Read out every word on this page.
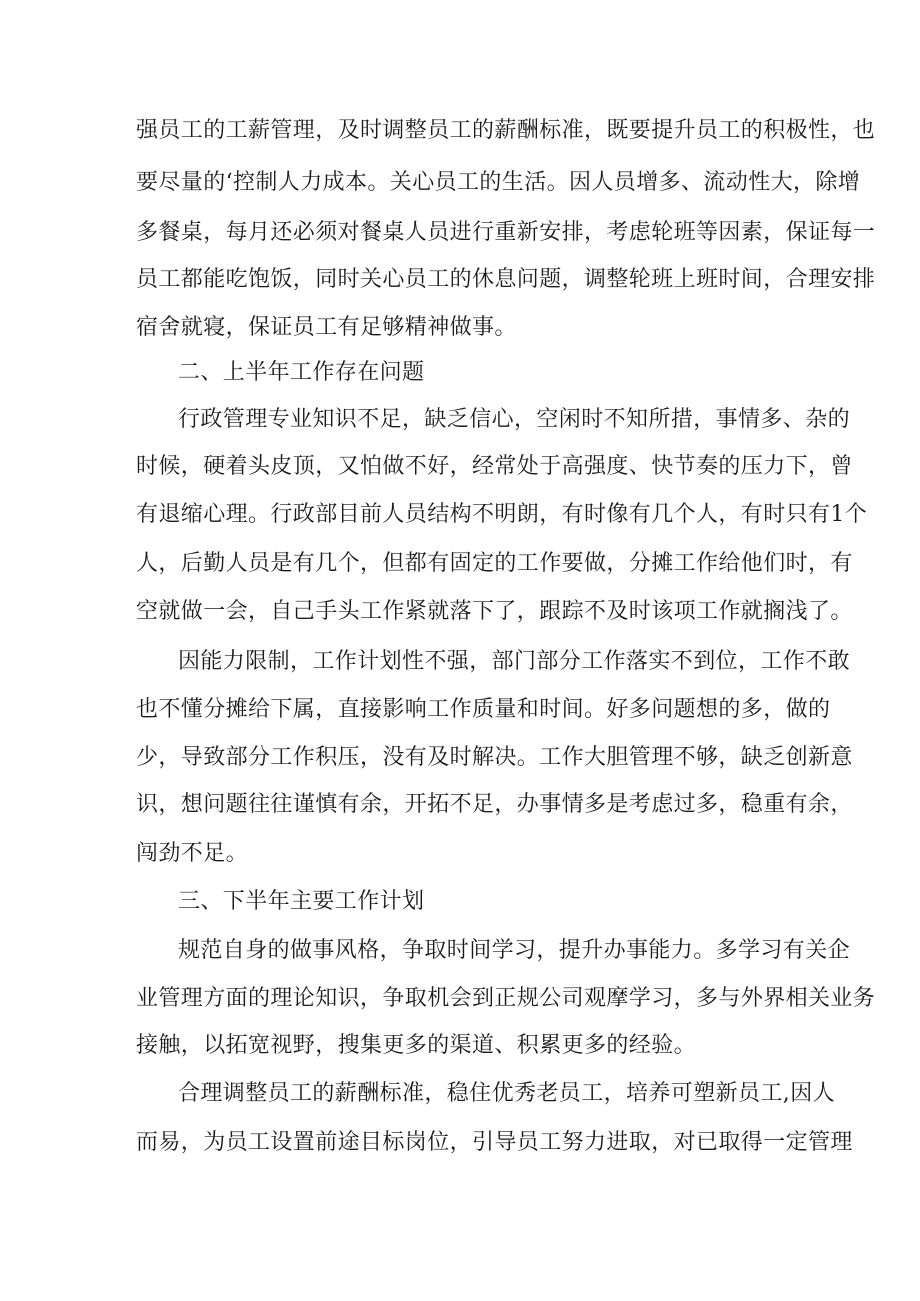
强员工的工薪管理，及时调整员工的薪酬标准，既要提升员工的积极性，也
要尽量的‘控制人力成本。关心员工的生活。因人员增多、流动性大，除增
多餐桌，每月还必须对餐桌人员进行重新安排，考虑轮班等因素，保证每一
员工都能吃饱饭，同时关心员工的休息问题，调整轮班上班时间，合理安排
宿舍就寝，保证员工有足够精神做事。
二、上半年工作存在问题
行政管理专业知识不足，缺乏信心，空闲时不知所措，事情多、杂的
时候，硬着头皮顶，又怕做不好，经常处于高强度、快节奏的压力下，曾
有退缩心理。行政部目前人员结构不明朗，有时像有几个人，有时只有1个
人，后勤人员是有几个，但都有固定的工作要做，分摊工作给他们时，有
空就做一会，自己手头工作紧就落下了，跟踪不及时该项工作就搁浅了。
因能力限制，工作计划性不强，部门部分工作落实不到位，工作不敢
也不懂分摊给下属，直接影响工作质量和时间。好多问题想的多，做的
少，导致部分工作积压，没有及时解决。工作大胆管理不够，缺乏创新意
识，想问题往往谨慎有余，开拓不足，办事情多是考虑过多，稳重有余，
闯劲不足。
三、下半年主要工作计划
规范自身的做事风格，争取时间学习，提升办事能力。多学习有关企
业管理方面的理论知识，争取机会到正规公司观摩学习，多与外界相关业务
接触，以拓宽视野，搜集更多的渠道、积累更多的经验。
合理调整员工的薪酬标准，稳住优秀老员工，培养可塑新员工,因人
而易，为员工设置前途目标岗位，引导员工努力进取，对已取得一定管理
